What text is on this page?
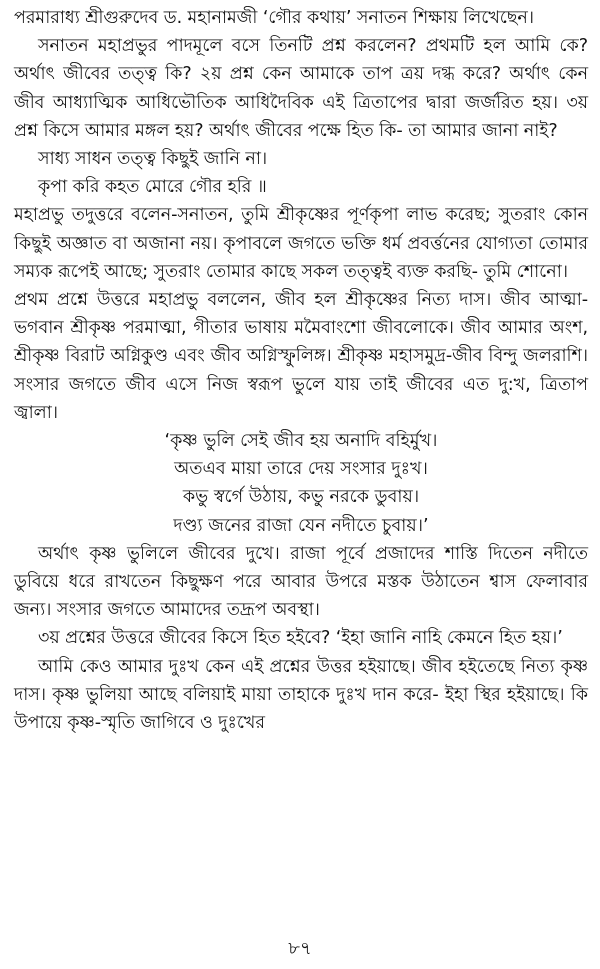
পরমারাধ্য শ্রীগুরুদেব ড. মহানামজী ‘গৌর কথায়’ সনাতন শিক্ষায় লিখেছেন।

সনাতন মহাপ্রভুর পাদমূলে বসে তিনটি প্রশ্ন করলেন? প্রথমটি হল আমি কে? অর্থাৎ জীবের তত্ত্ব কি? ২য় প্রশ্ন কেন আমাকে তাপ ত্রয় দগ্ধ করে? অর্থাৎ কেন জীব আধ্যাত্মিক আধিভৌতিক আধিদৈবিক এই ত্রিতাপের দ্বারা জর্জরিত হয়। ৩য় প্রশ্ন কিসে আমার মঙ্গল হয়? অর্থাৎ জীবের পক্ষে হিত কি- তা আমার জানা নাই?

সাধ্য সাধন তত্ত্ব কিছুই জানি না।

কৃপা করি কহত মোরে গৌর হরি ॥

মহাপ্রভু তদুত্তরে বলেন-সনাতন, তুমি শ্রীকৃষ্ণের পূর্ণকৃপা লাভ করেছ; সুতরাং কোন কিছুই অজ্ঞাত বা অজানা নয়। কৃপাবলে জগতে ভক্তি ধর্ম প্রবর্ত্তনের যোগ্যতা তোমার সম্যক রূপেই আছে; সুতরাং তোমার কাছে সকল তত্ত্বই ব্যক্ত করছি- তুমি শোনো।

প্রথম প্রশ্নে উত্তরে মহাপ্রভু বললেন, জীব হল শ্রীকৃষ্ণের নিত্য দাস। জীব আত্মা-ভগবান শ্রীকৃষ্ণ পরমাত্মা, গীতার ভাষায় মমৈবাংশো জীবলোকে। জীব আমার অংশ, শ্রীকৃষ্ণ বিরাট অগ্নিকুণ্ড এবং জীব অগ্নিস্ফুলিঙ্গ। শ্রীকৃষ্ণ মহাসমুদ্র-জীব বিন্দু জলরাশি। সংসার জগতে জীব এসে নিজ স্বরূপ ভুলে যায় তাই জীবের এত দু:খ, ত্রিতাপ জ্বালা।

‘কৃষ্ণ ভুলি সেই জীব হয় অনাদি বহির্মুখ।

অতএব মায়া তারে দেয় সংসার দুঃখ।

কভু স্বর্গে উঠায়, কভু নরকে ডুবায়।

দণ্ড্য জনের রাজা যেন নদীতে চুবায়।’

অর্থাৎ কৃষ্ণ ভুলিলে জীবের দুখে। রাজা পূর্বে প্রজাদের শাস্তি দিতেন নদীতে ডুবিয়ে ধরে রাখতেন কিছুক্ষণ পরে আবার উপরে মস্তক উঠাতেন শ্বাস ফেলাবার জন্য। সংসার জগতে আমাদের তদ্রূপ অবস্থা।

৩য় প্রশ্নের উত্তরে জীবের কিসে হিত হইবে? ‘ইহা জানি নাহি কেমনে হিত হয়।’

আমি কেও আমার দুঃখ কেন এই প্রশ্নের উত্তর হইয়াছে। জীব হইতেছে নিত্য কৃষ্ণ দাস। কৃষ্ণ ভুলিয়া আছে বলিয়াই মায়া তাহাকে দুঃখ দান করে- ইহা স্থির হইয়াছে। কি উপায়ে কৃষ্ণ-স্মৃতি জাগিবে ও দুঃখের

৮৭
